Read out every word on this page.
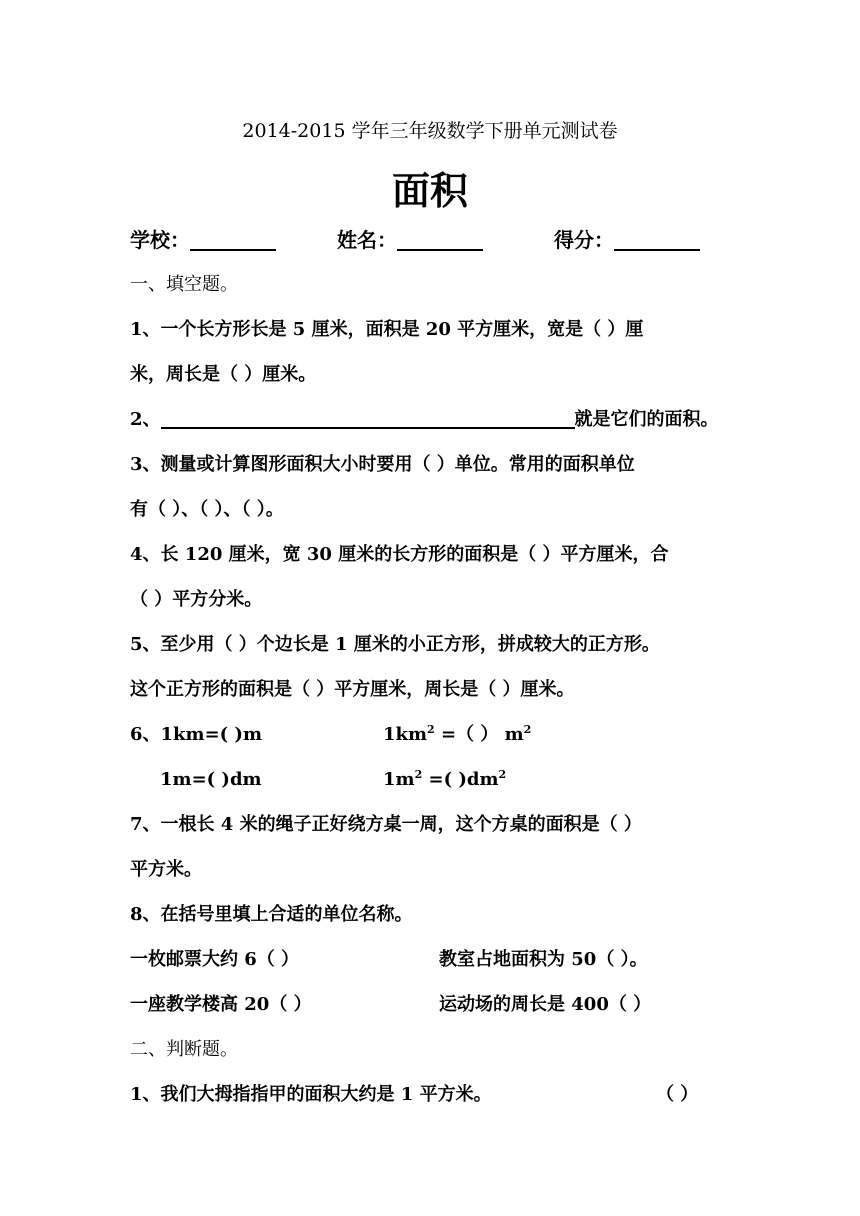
2014-2015 学年三年级数学下册单元测试卷
面积
学校：	姓名：	得分：
一、填空题。
1、一个长方形长是 5 厘米，面积是 20 平方厘米，宽是（ ）厘
米，周长是（ ）厘米。
2、	就是它们的面积。
3、测量或计算图形面积大小时要用（ ）单位。常用的面积单位
有（ ）、（ ）、（ ）。
4、长 120 厘米，宽 30 厘米的长方形的面积是（ ）平方厘米，合
（ ）平方分米。
5、至少用（ ）个边长是 1 厘米的小正方形，拼成较大的正方形。
这个正方形的面积是（ ）平方厘米，周长是（ ）厘米。
6、1km=( )m	$1km^2$ =（ ） $m^2$
1m=( )dm	$1m^2$ =( )$dm^2$
7、一根长 4 米的绳子正好绕方桌一周，这个方桌的面积是（ ）
平方米。
8、在括号里填上合适的单位名称。
一枚邮票大约 6（ ）	教室占地面积为 50（ ）。
一座教学楼高 20（ ）	运动场的周长是 400（ ）
二、判断题。
1、我们大拇指指甲的面积大约是 1 平方米。	（ ）
